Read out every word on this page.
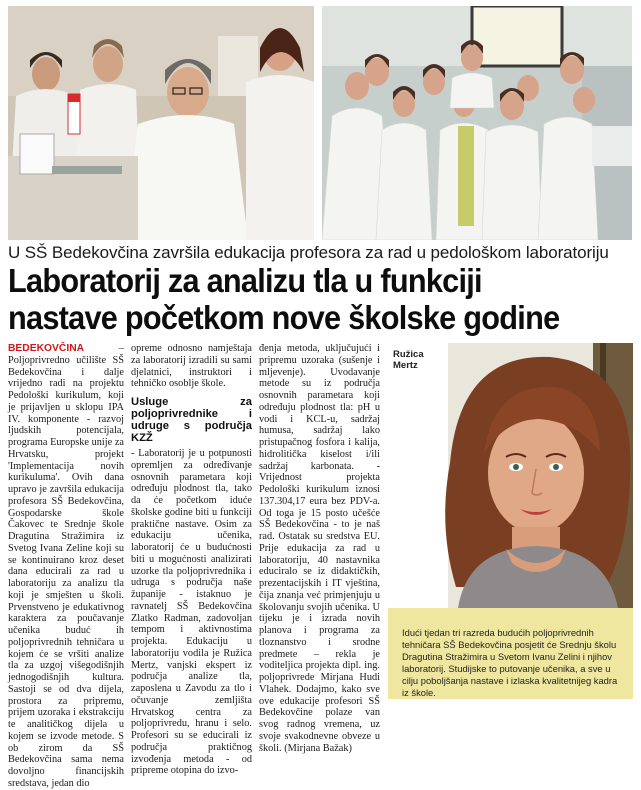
U SŠ Bedekovčina završila edukacija profesora za rad u pedološkom laboratoriju
Laboratorij za analizu tla u funkciji
nastave početkom nove školske godine

BEDEKOVČINA	– Poljoprivredno učilište SŠ Bedekovčina i dalje vrijedno radi na projektu Pedološki kurikulum, koji je prijavljen u sklopu IPA IV. komponente - razvoj ljudskih potencijala, programa Europske unije za Hrvatsku, projekt 'Implementacija novih kurikuluma'. Ovih dana upravo je završila edukacija profesora SŠ Bedekovčina, Gospodarske škole Čakovec te Srednje škole Dragutina Stražimira iz Svetog Ivana Zeline koji su se kontinuirano kroz deset dana educirali za rad u laboratoriju za analizu tla koji je smješten u školi. Prvenstveno je edukativnog karaktera za poučavanje učenika buduć ih poljoprivrednih tehničara u kojem će se vršiti analize tla za uzgoj višegodišnjih jednogodišnjih kultura. Sastoji se od dva dijela, prostora za pripremu, prijem uzoraka i ekstrakciju te analitičkog dijela u kojem se izvode metode. S ob zirom da SŠ Bedekovčina sama nema dovoljno financijskih sredstava, jedan dio

opreme odnosno namještaja za laboratorij izradili su sami djelatnici, instruktori i tehničko osoblje škole.

Usluge za poljoprivrednike i udruge s područja KZŽ

- Laboratorij je u potpunosti opremljen za određivanje osnovnih parametara koji određuju plodnost tla, tako da će početkom iduće školske godine biti u funkciji praktične nastave. Osim za edukaciju učenika, laboratorij će u budućnosti biti u mogućnosti analizirati uzorke tla poljoprivrednika i udruga s područja naše županije - istaknuo je ravnatelj SŠ Bedekovčina Zlatko Radman, zadovoljan tempom i aktivnostima projekta. Edukaciju u laboratoriju vodila je Ružica Mertz, vanjski ekspert iz područja analize tla, zaposlena u Zavodu za tlo i očuvanje zemljišta Hrvatskog centra za poljoprivredu, hranu i selo. Profesori su se educirali iz područja praktičnog izvođenja metoda - od pripreme otopina do izvo-

đenja metoda, uključujući i pripremu uzoraka (sušenje i mljevenje). Uvodavanje metode su iz područja osnovnih parametara koji određuju plodnost tla: pH u vodi i KCL-u, sadržaj humusa, sadržaj lako pristupačnog fosfora i kalija, hidrolitička kiselost i/ili sadržaj karbonata. - Vrijednost projekta Pedološki kurikulum iznosi 137.304,17 eura bez PDV-a. Od toga je 15 posto učešće SŠ Bedekovčina - to je naš rad. Ostatak su sredstva EU. Prije edukacija za rad u laboratoriju, 40 nastavnika educiralo se iz didaktičkih, prezentacijskih i IT vještina, čija znanja već primjenjuju u školovanju svojih učenika. U tijeku je i izrada novih planova i programa za tloznanstvo i srodne predmete – rekla je voditeljica projekta dipl. ing. poljoprivrede Mirjana Hudi Vlahek. Dodajmo, kako sve ove edukacije profesori SŠ Bedekovčine polaze van svog radnog vremena, uz svoje svakodnevne obveze u školi. (Mirjana Bažak)

Ružica Mertz
Idući tjedan tri razreda budućih poljoprivrednih tehničara SŠ Bedekovčina posjetit će Srednju školu Dragutina Stražimira u Svetom Ivanu Zelini i njihov laboratorij. Studijske to putovanje učenika, a sve u cilju poboljšanja nastave i izlaska kvalitetnijeg kadra iz škole.
